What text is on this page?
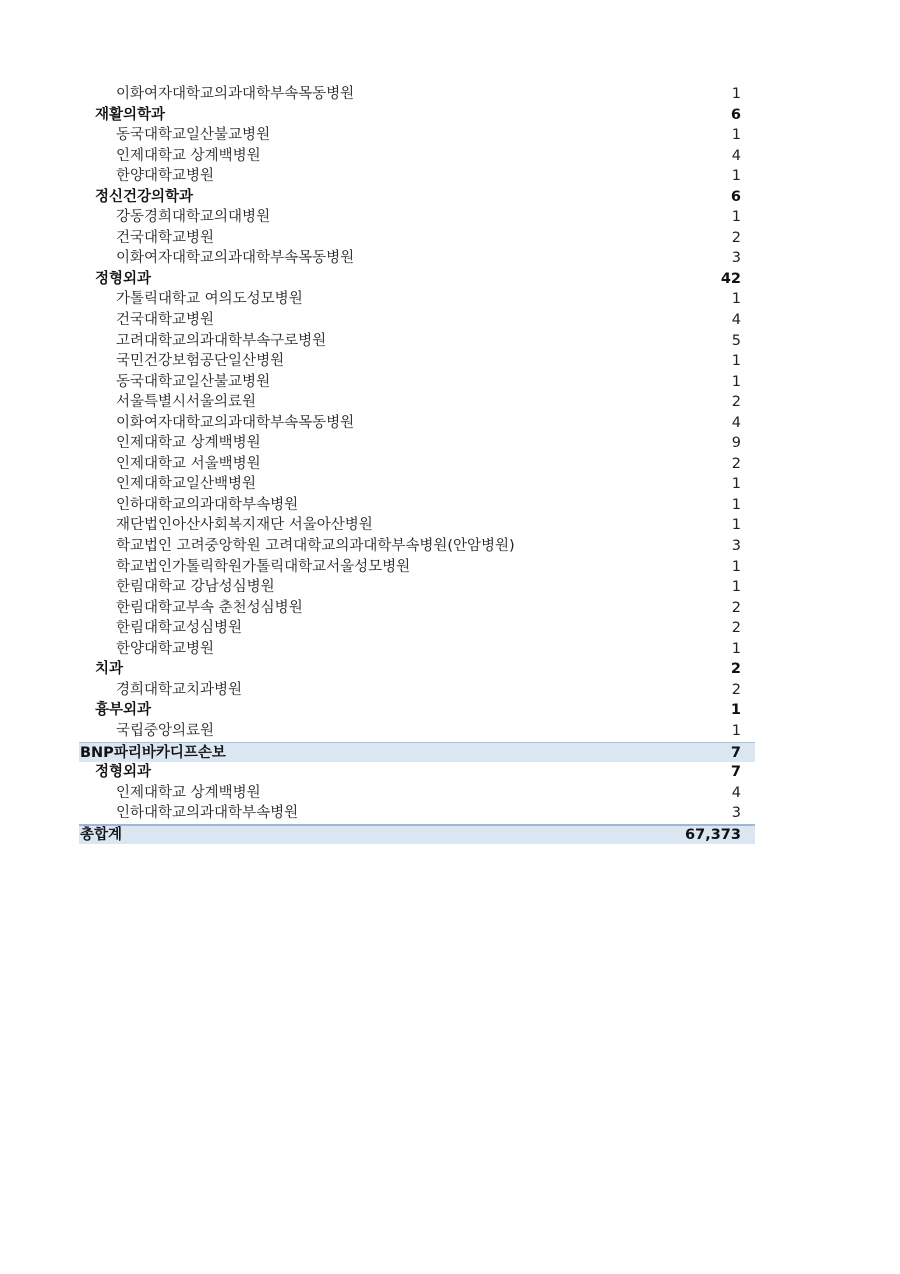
이화여자대학교의과대학부속목동병원	1
재활의학과	6
동국대학교일산불교병원	1
인제대학교 상계백병원	4
한양대학교병원	1
정신건강의학과	6
강동경희대학교의대병원	1
건국대학교병원	2
이화여자대학교의과대학부속목동병원	3
정형외과	42
가톨릭대학교 여의도성모병원	1
건국대학교병원	4
고려대학교의과대학부속구로병원	5
국민건강보험공단일산병원	1
동국대학교일산불교병원	1
서울특별시서울의료원	2
이화여자대학교의과대학부속목동병원	4
인제대학교 상계백병원	9
인제대학교 서울백병원	2
인제대학교일산백병원	1
인하대학교의과대학부속병원	1
재단법인아산사회복지재단 서울아산병원	1
학교법인 고려중앙학원 고려대학교의과대학부속병원(안암병원)	3
학교법인가톨릭학원가톨릭대학교서울성모병원	1
한림대학교 강남성심병원	1
한림대학교부속 춘천성심병원	2
한림대학교성심병원	2
한양대학교병원	1
치과	2
경희대학교치과병원	2
흉부외과	1
국립중앙의료원	1
BNP파리바카디프손보	7
정형외과	7
인제대학교 상계백병원	4
인하대학교의과대학부속병원	3
총합계	67,373
